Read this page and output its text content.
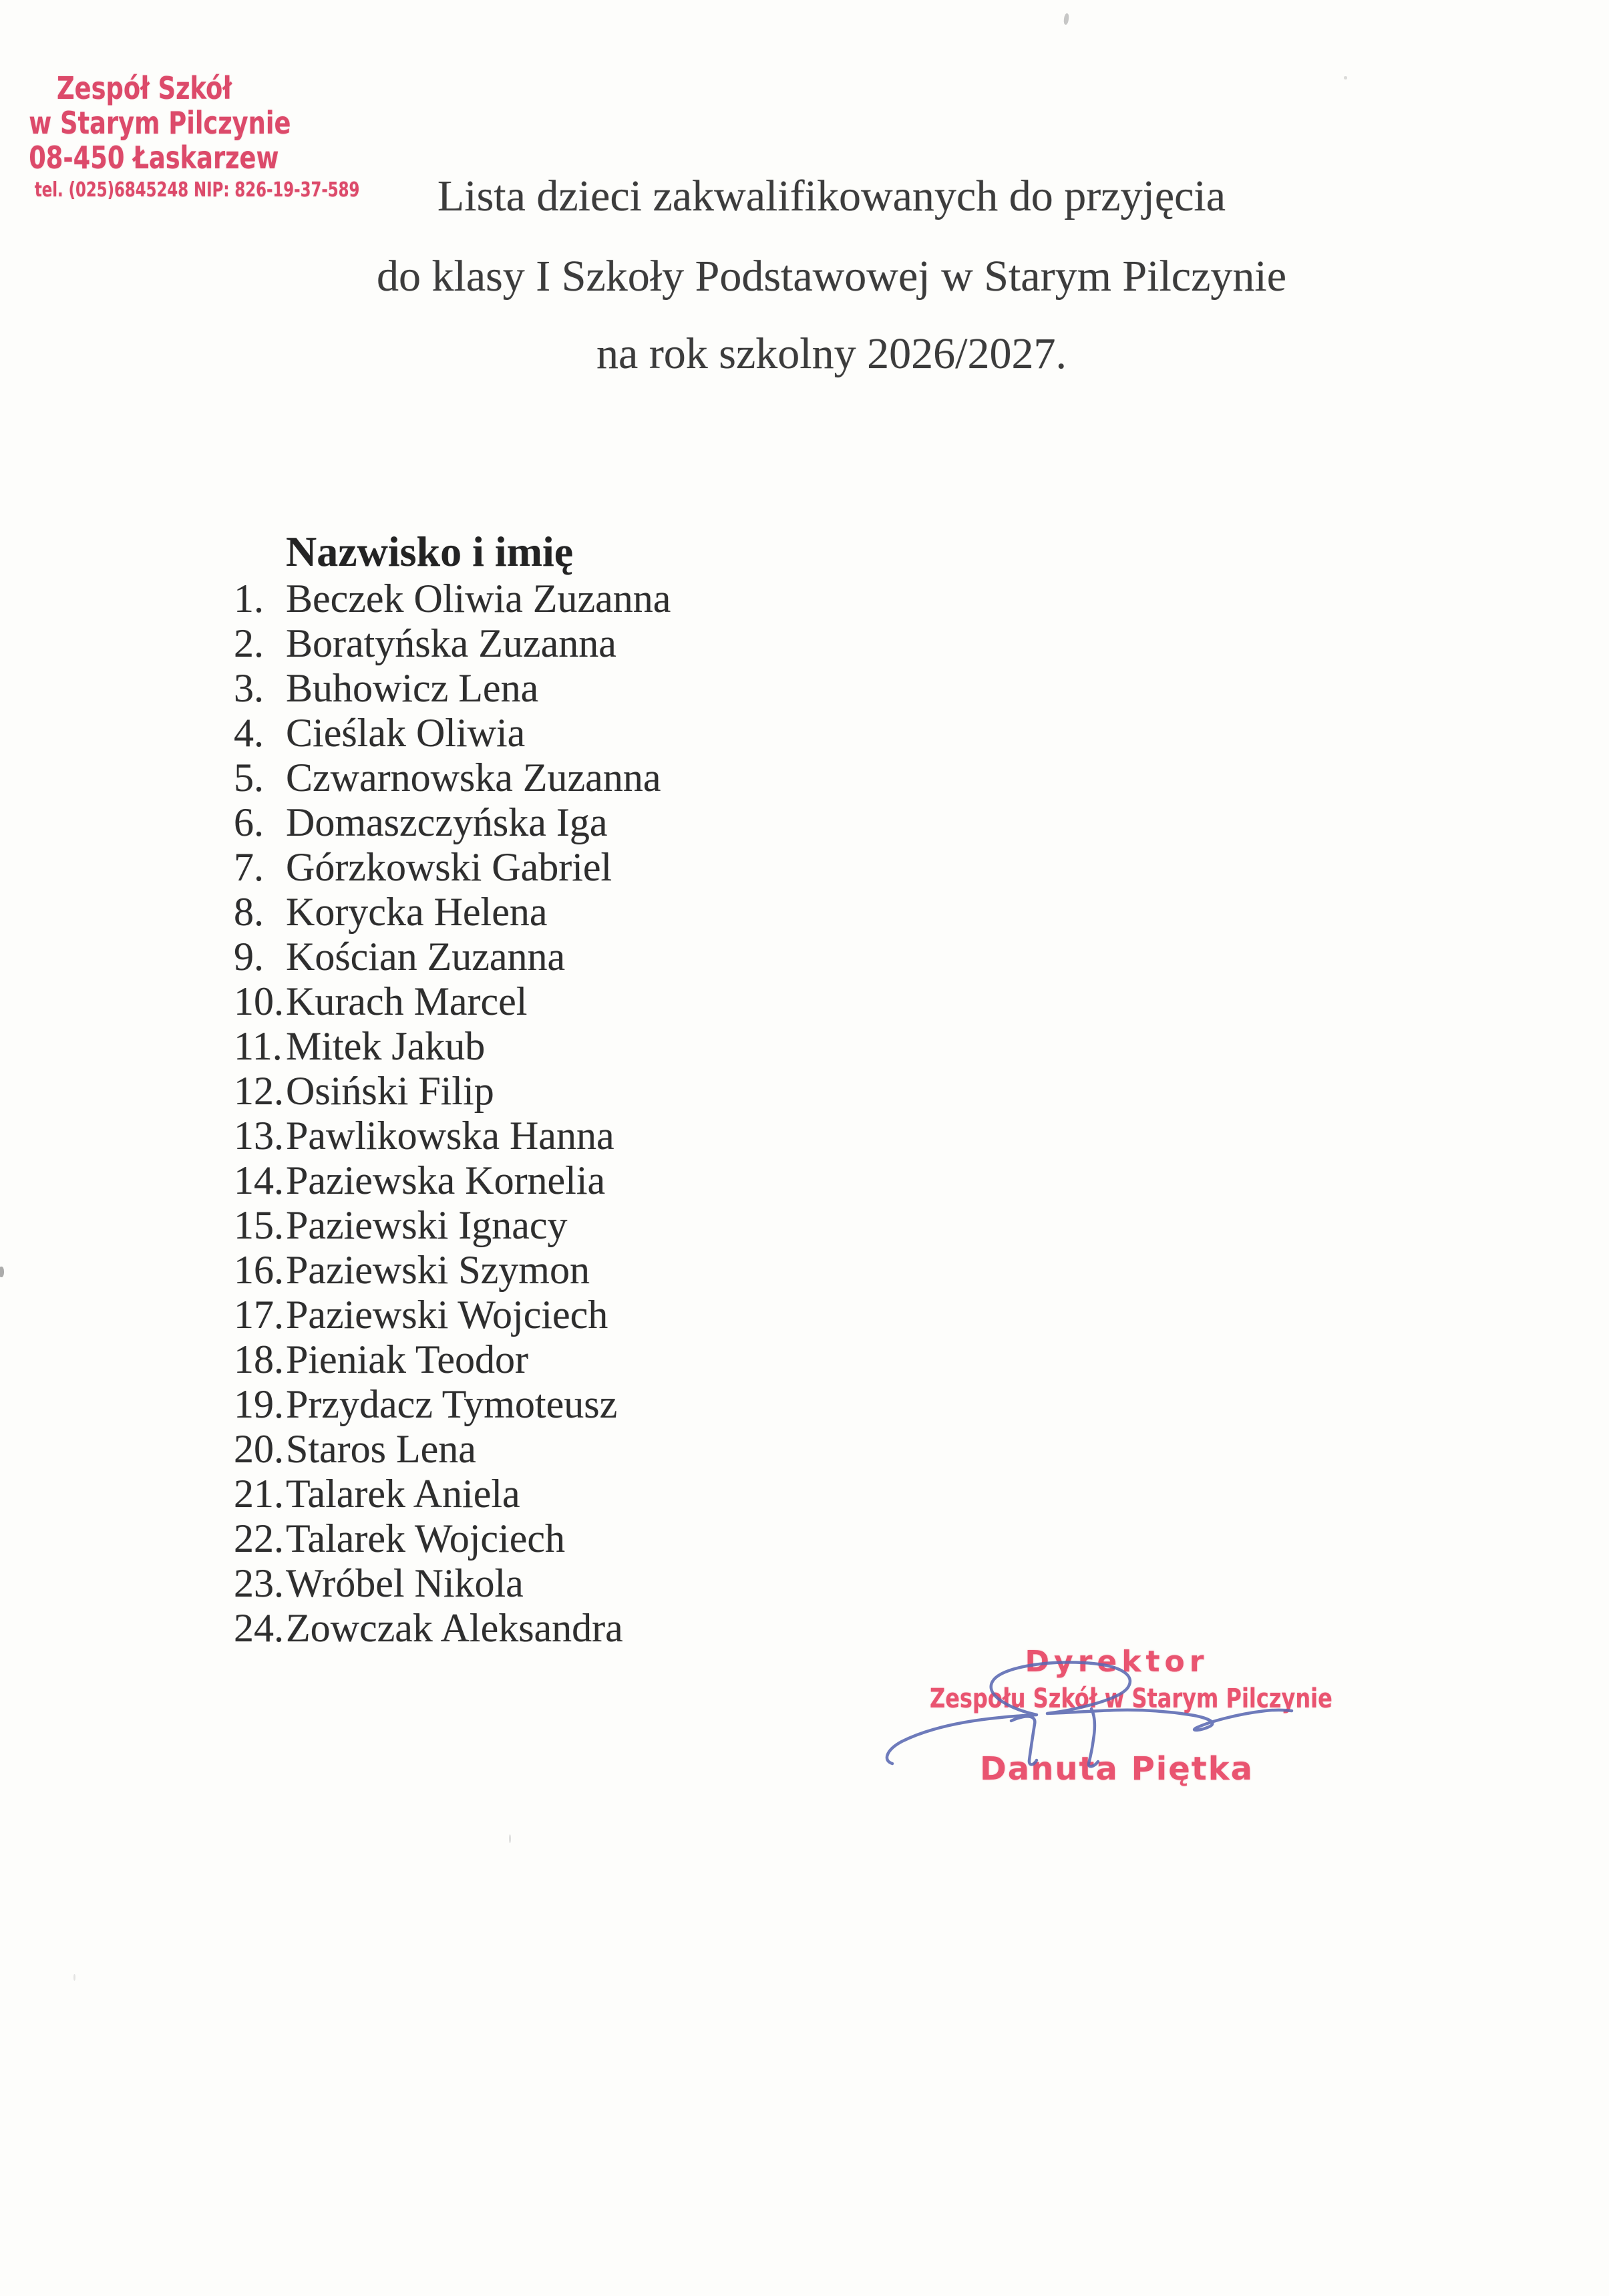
Zespół Szkół
w Starym Pilczynie
08-450 Łaskarzew
tel. (025)6845248 NIP: 826-19-37-589	Lista dzieci zakwalifikowanych do przyjęcia
do klasy I Szkoły Podstawowej w Starym Pilczynie
na rok szkolny 2026/2027.
Nazwisko i imię
1. Beczek Oliwia Zuzanna
2. Boratyńska Zuzanna
3. Buhowicz Lena
4. Cieślak Oliwia
5. Czwarnowska Zuzanna
6. Domaszczyńska Iga
7. Górzkowski Gabriel
8. Korycka Helena
9. Kościan Zuzanna
10.Kurach Marcel
11.Mitek Jakub
12.Osiński Filip
13.Pawlikowska Hanna
14.Paziewska Kornelia
15.Paziewski Ignacy
16.Paziewski Szymon
17.Paziewski Wojciech
18.Pieniak Teodor
19.Przydacz Tymoteusz
20.Staros Lena
21.Talarek Aniela
22.Talarek Wojciech
23.Wróbel Nikola
24.Zowczak Aleksandra
Dyrektor
Zespołu Szkół w Starym Pilczynie
Danuta Piętka
